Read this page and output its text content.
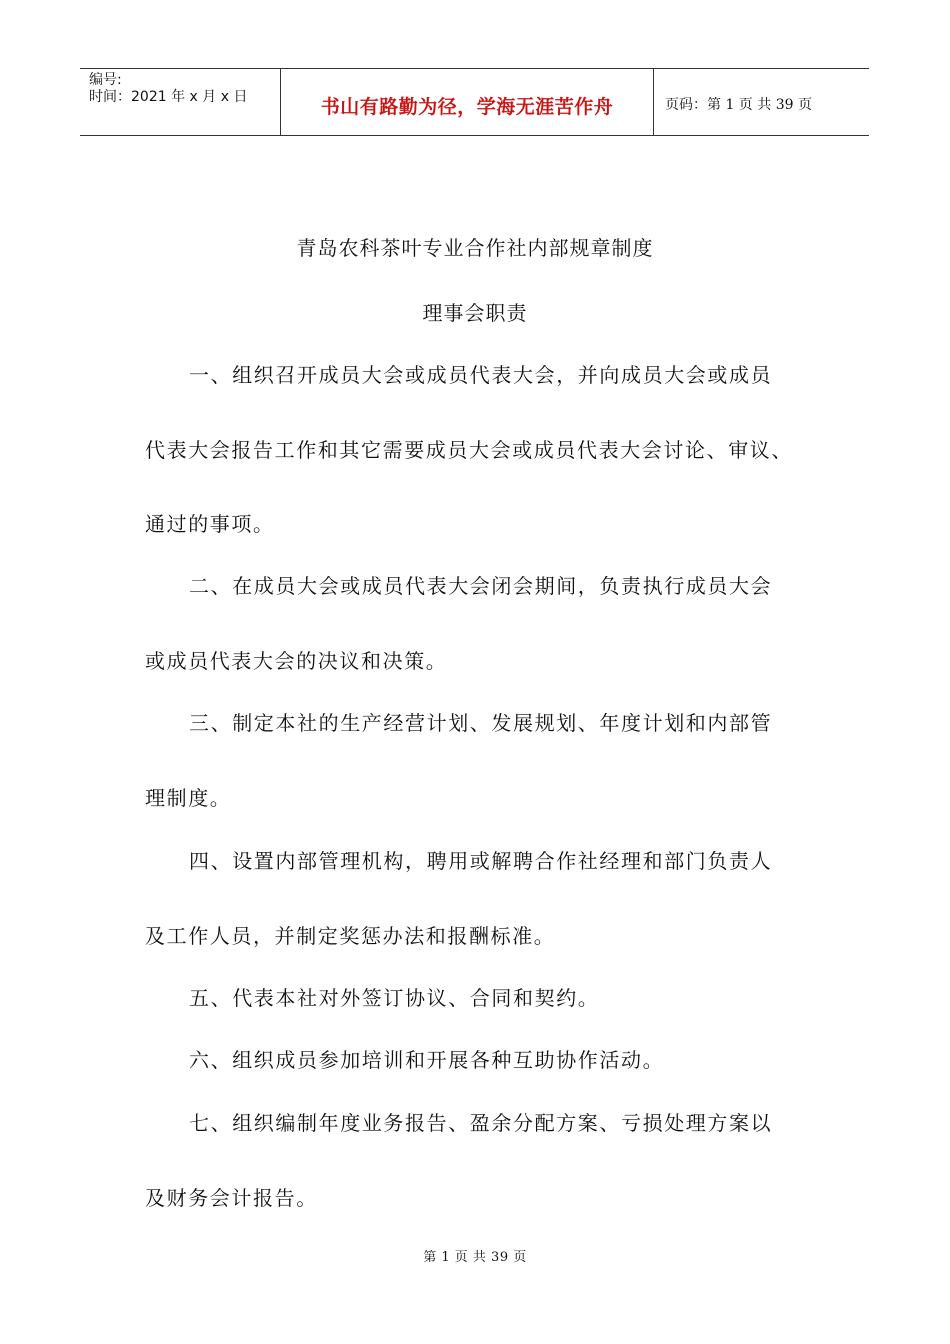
编号:
时间：2021 年 x 月 x 日	书山有路勤为径，学海无涯苦作舟	页码：第 1 页 共 39 页
青岛农科茶叶专业合作社内部规章制度
理事会职责
一、组织召开成员大会或成员代表大会，并向成员大会或成员
代表大会报告工作和其它需要成员大会或成员代表大会讨论、审议、
通过的事项。
二、在成员大会或成员代表大会闭会期间，负责执行成员大会
或成员代表大会的决议和决策。
三、制定本社的生产经营计划、发展规划、年度计划和内部管
理制度。
四、设置内部管理机构，聘用或解聘合作社经理和部门负责人
及工作人员，并制定奖惩办法和报酬标准。
五、代表本社对外签订协议、合同和契约。
六、组织成员参加培训和开展各种互助协作活动。
七、组织编制年度业务报告、盈余分配方案、亏损处理方案以
及财务会计报告。
第 1 页 共 39 页
